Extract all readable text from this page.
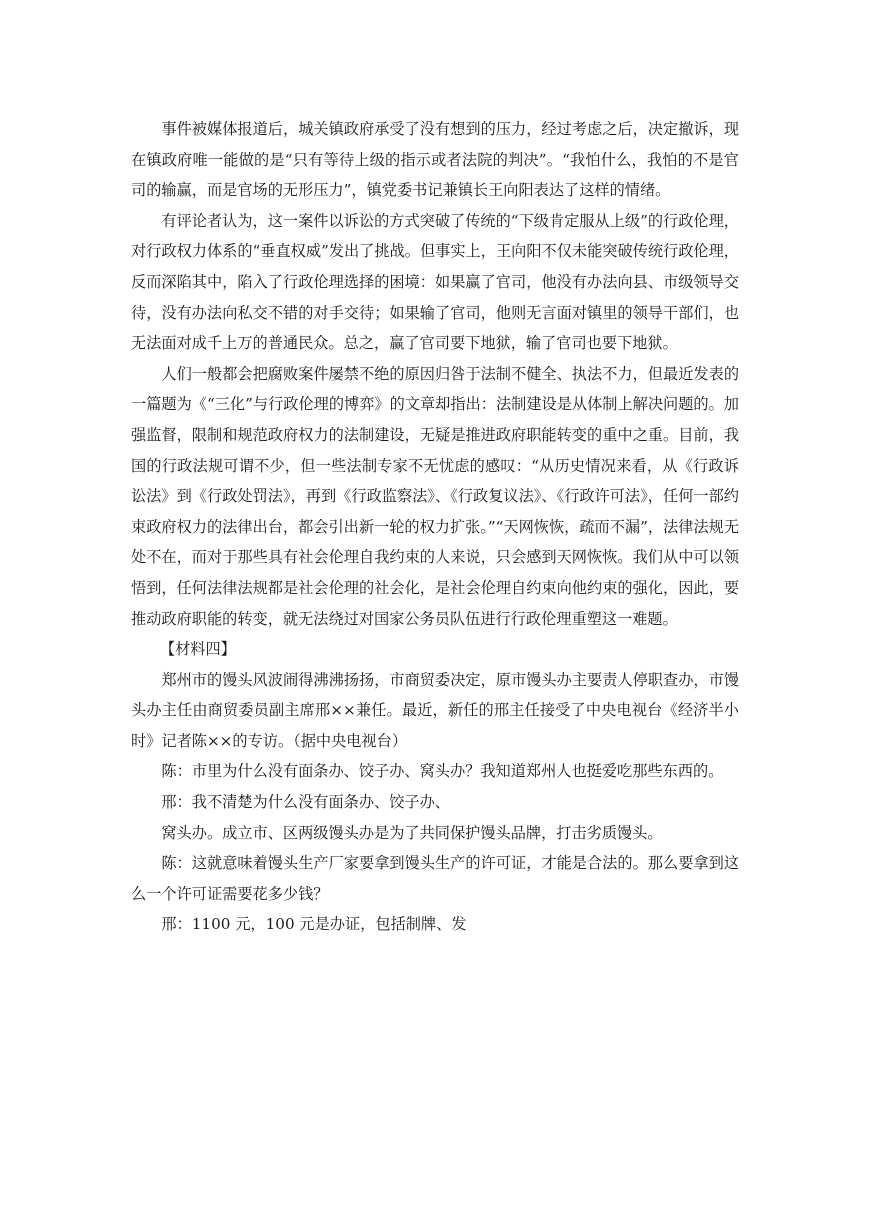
事件被媒体报道后，城关镇政府承受了没有想到的压力，经过考虑之后，决定撤诉，现在镇政府唯一能做的是“只有等待上级的指示或者法院的判决”。“我怕什么，我怕的不是官司的输赢，而是官场的无形压力”，镇党委书记兼镇长王向阳表达了这样的情绪。

有评论者认为，这一案件以诉讼的方式突破了传统的“下级肯定服从上级”的行政伦理，对行政权力体系的“垂直权威”发出了挑战。但事实上，王向阳不仅未能突破传统行政伦理，反而深陷其中，陷入了行政伦理选择的困境：如果赢了官司，他没有办法向县、市级领导交待，没有办法向私交不错的对手交待；如果输了官司，他则无言面对镇里的领导干部们，也无法面对成千上万的普通民众。总之，赢了官司要下地狱，输了官司也要下地狱。

人们一般都会把腐败案件屡禁不绝的原因归咎于法制不健全、执法不力，但最近发表的一篇题为《“三化”与行政伦理的博弈》的文章却指出：法制建设是从体制上解决问题的。加强监督，限制和规范政府权力的法制建设，无疑是推进政府职能转变的重中之重。目前，我国的行政法规可谓不少，但一些法制专家不无忧虑的感叹：“从历史情况来看，从《行政诉讼法》到《行政处罚法》，再到《行政监察法》、《行政复议法》、《行政许可法》，任何一部约束政府权力的法律出台，都会引出新一轮的权力扩张。”“天网恢恢，疏而不漏”，法律法规无处不在，而对于那些具有社会伦理自我约束的人来说，只会感到天网恢恢。我们从中可以领悟到，任何法律法规都是社会伦理的社会化，是社会伦理自约束向他约束的强化，因此，要推动政府职能的转变，就无法绕过对国家公务员队伍进行行政伦理重塑这一难题。

【材料四】

郑州市的馒头风波闹得沸沸扬扬，市商贸委决定，原市馒头办主要责人停职查办，市馒头办主任由商贸委员副主席邢××兼任。最近，新任的邢主任接受了中央电视台《经济半小时》记者陈××的专访。（据中央电视台）

陈：市里为什么没有面条办、饺子办、窝头办？我知道郑州人也挺爱吃那些东西的。

邢：我不清楚为什么没有面条办、饺子办、

窝头办。成立市、区两级馒头办是为了共同保护馒头品牌，打击劣质馒头。

陈：这就意味着馒头生产厂家要拿到馒头生产的许可证，才能是合法的。那么要拿到这么一个许可证需要花多少钱？

邢：1100 元，100 元是办证，包括制牌、发
